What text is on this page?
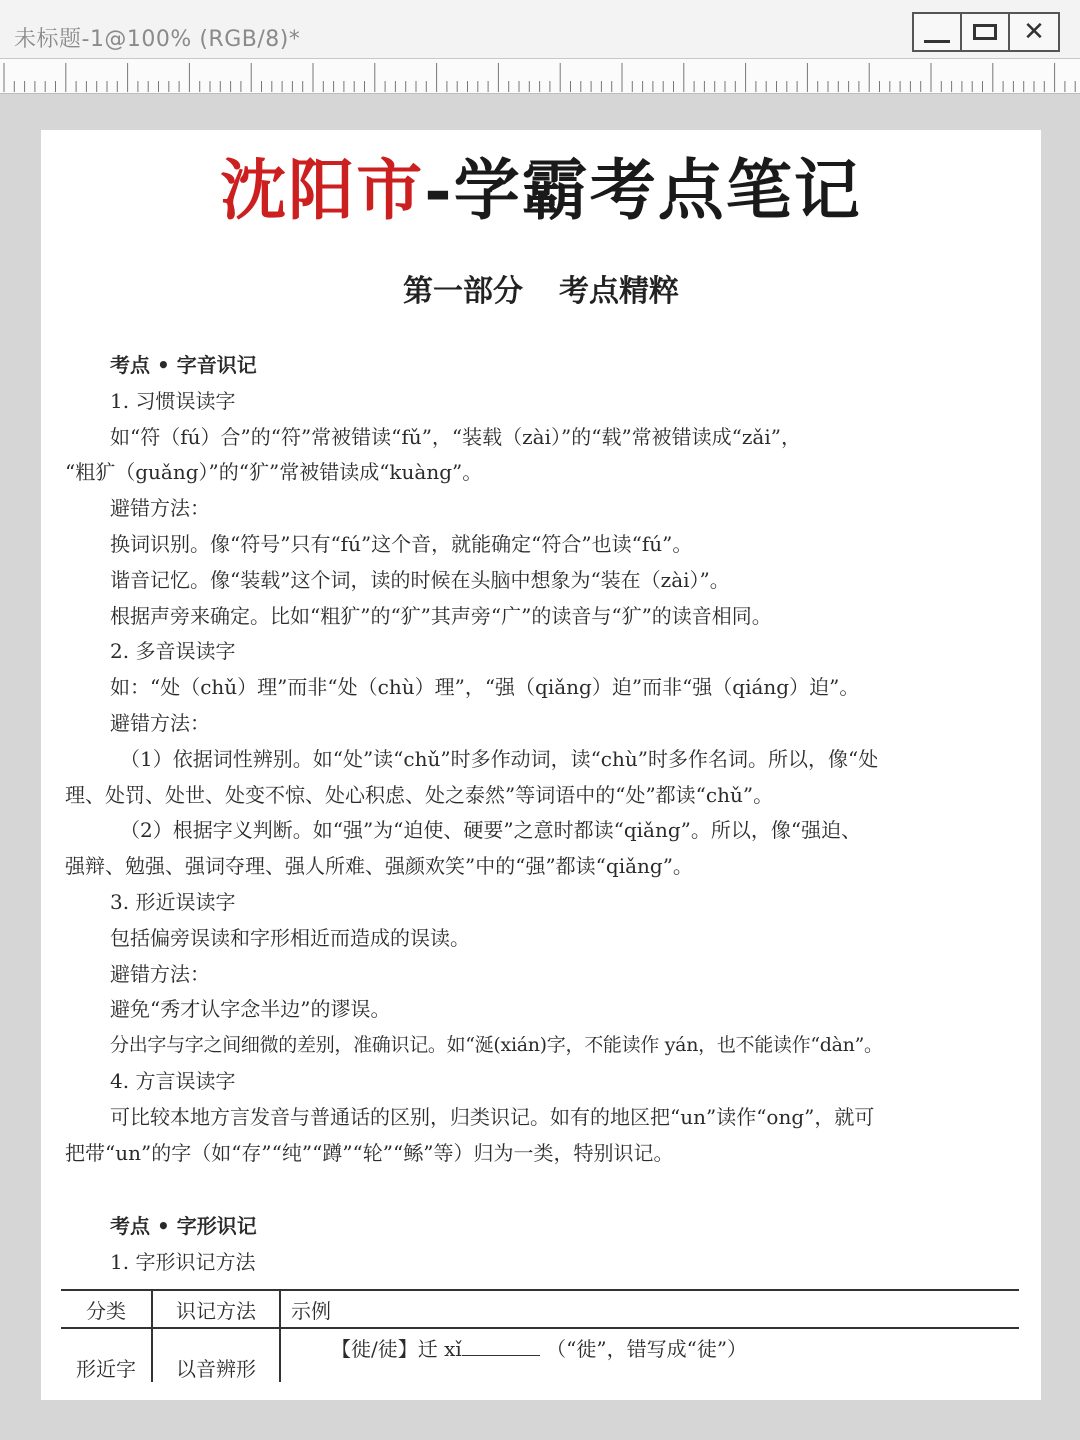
未标题-1@100% (RGB/8)*	✕
沈阳市-学霸考点笔记
第一部分 考点精粹
考点 • 字音识记
1. 习惯误读字
如“符（fú）合”的“符”常被错读“fǔ”，“装载（zài）”的“载”常被错读成“zǎi”，
“粗犷（guǎng）”的“犷”常被错读成“kuàng”。
避错方法：
换词识别。像“符号”只有“fú”这个音，就能确定“符合”也读“fú”。
谐音记忆。像“装载”这个词，读的时候在头脑中想象为“装在（zài）”。
根据声旁来确定。比如“粗犷”的“犷”其声旁“广”的读音与“犷”的读音相同。
2. 多音误读字
如：“处（chǔ）理”而非“处（chù）理”，“强（qiǎng）迫”而非“强（qiáng）迫”。
避错方法：
（1）依据词性辨别。如“处”读“chǔ”时多作动词，读“chù”时多作名词。所以，像“处
理、处罚、处世、处变不惊、处心积虑、处之泰然”等词语中的“处”都读“chǔ”。
（2）根据字义判断。如“强”为“迫使、硬要”之意时都读“qiǎng”。所以，像“强迫、
强辩、勉强、强词夺理、强人所难、强颜欢笑”中的“强”都读“qiǎng”。
3. 形近误读字
包括偏旁误读和字形相近而造成的误读。
避错方法：
避免“秀才认字念半边”的谬误。
分出字与字之间细微的差别，准确识记。如“涎(xián)字，不能读作 yán，也不能读作“dàn”。
4. 方言误读字
可比较本地方言发音与普通话的区别，归类识记。如有的地区把“un”读作“ong”，就可
把带“un”的字（如“存”“纯”“蹲”“轮”“鲧”等）归为一类，特别识记。
考点 • 字形识记
1. 字形识记方法
分类	识记方法	示例

形近字	以音辨形	【徙/徒】迁 xǐ （“徙”，错写成“徒”）
